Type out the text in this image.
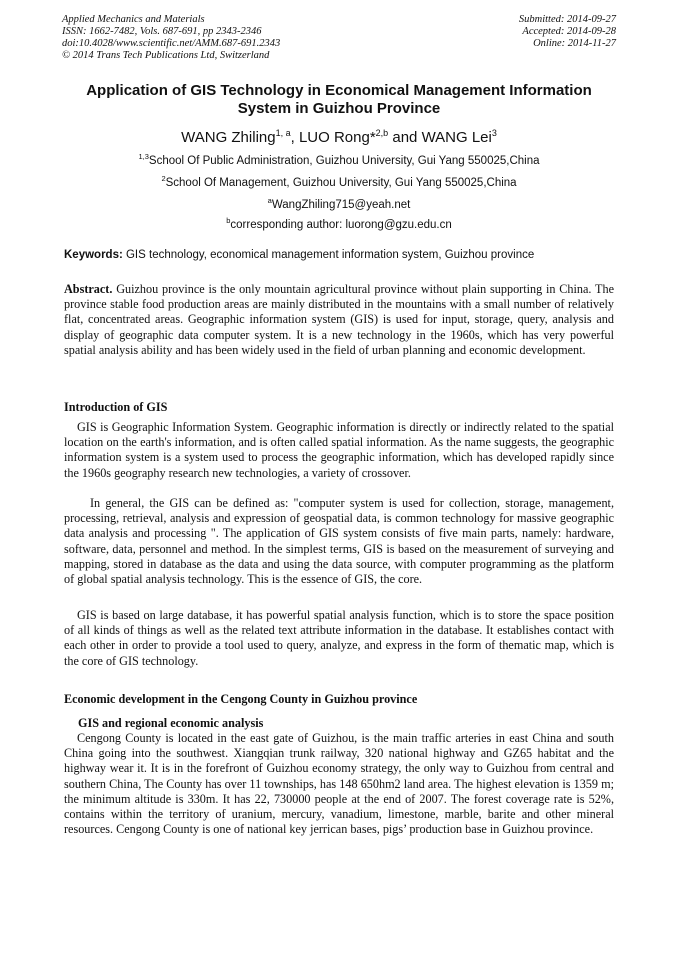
Applied Mechanics and Materials
ISSN: 1662-7482, Vols. 687-691, pp 2343-2346
doi:10.4028/www.scientific.net/AMM.687-691.2343
© 2014 Trans Tech Publications Ltd, Switzerland
Submitted: 2014-09-27
Accepted: 2014-09-28
Online: 2014-11-27
Application of GIS Technology in Economical Management Information
System in Guizhou Province
WANG Zhiling$^{1, a}$, LUO Rong*$^{2,b}$ and WANG Lei$^3$
$^{1,3}$School Of Public Administration, Guizhou University, Gui Yang 550025,China
$^2$School Of Management, Guizhou University, Gui Yang 550025,China
$^a$WangZhiling715@yeah.net
$^b$corresponding author: luorong@gzu.edu.cn
Keywords: GIS technology, economical management information system, Guizhou province
Abstract. Guizhou province is the only mountain agricultural province without plain supporting in China. The province stable food production areas are mainly distributed in the mountains with a small number of relatively flat, concentrated areas. Geographic information system (GIS) is used for input, storage, query, analysis and display of geographic data computer system. It is a new technology in the 1960s, which has very powerful spatial analysis ability and has been widely used in the field of urban planning and economic development.
Introduction of GIS
GIS is Geographic Information System. Geographic information is directly or indirectly related to the spatial location on the earth's information, and is often called spatial information. As the name suggests, the geographic information system is a system used to process the geographic information, which has developed rapidly since the 1960s geography research new technologies, a variety of crossover.
In general, the GIS can be defined as: "computer system is used for collection, storage, management, processing, retrieval, analysis and expression of geospatial data, is common technology for massive geographic data analysis and processing ". The application of GIS system consists of five main parts, namely: hardware, software, data, personnel and method. In the simplest terms, GIS is based on the measurement of surveying and mapping, stored in database as the data and using the data source, with computer programming as the platform of global spatial analysis technology. This is the essence of GIS, the core.
GIS is based on large database, it has powerful spatial analysis function, which is to store the space position of all kinds of things as well as the related text attribute information in the database. It establishes contact with each other in order to provide a tool used to query, analyze, and express in the form of thematic map, which is the core of GIS technology.
Economic development in the Cengong County in Guizhou province
GIS and regional economic analysis
Cengong County is located in the east gate of Guizhou, is the main traffic arteries in east China and south China going into the southwest. Xiangqian trunk railway, 320 national highway and GZ65 habitat and the highway wear it. It is in the forefront of Guizhou economy strategy, the only way to Guizhou from central and southern China, The County has over 11 townships, has 148 650hm2 land area. The highest elevation is 1359 m; the minimum altitude is 330m. It has 22, 730000 people at the end of 2007. The forest coverage rate is 52%, contains within the territory of uranium, mercury, vanadium, limestone, marble, barite and other mineral resources. Cengong County is one of national key jerrican bases, pigs’ production base in Guizhou province.
